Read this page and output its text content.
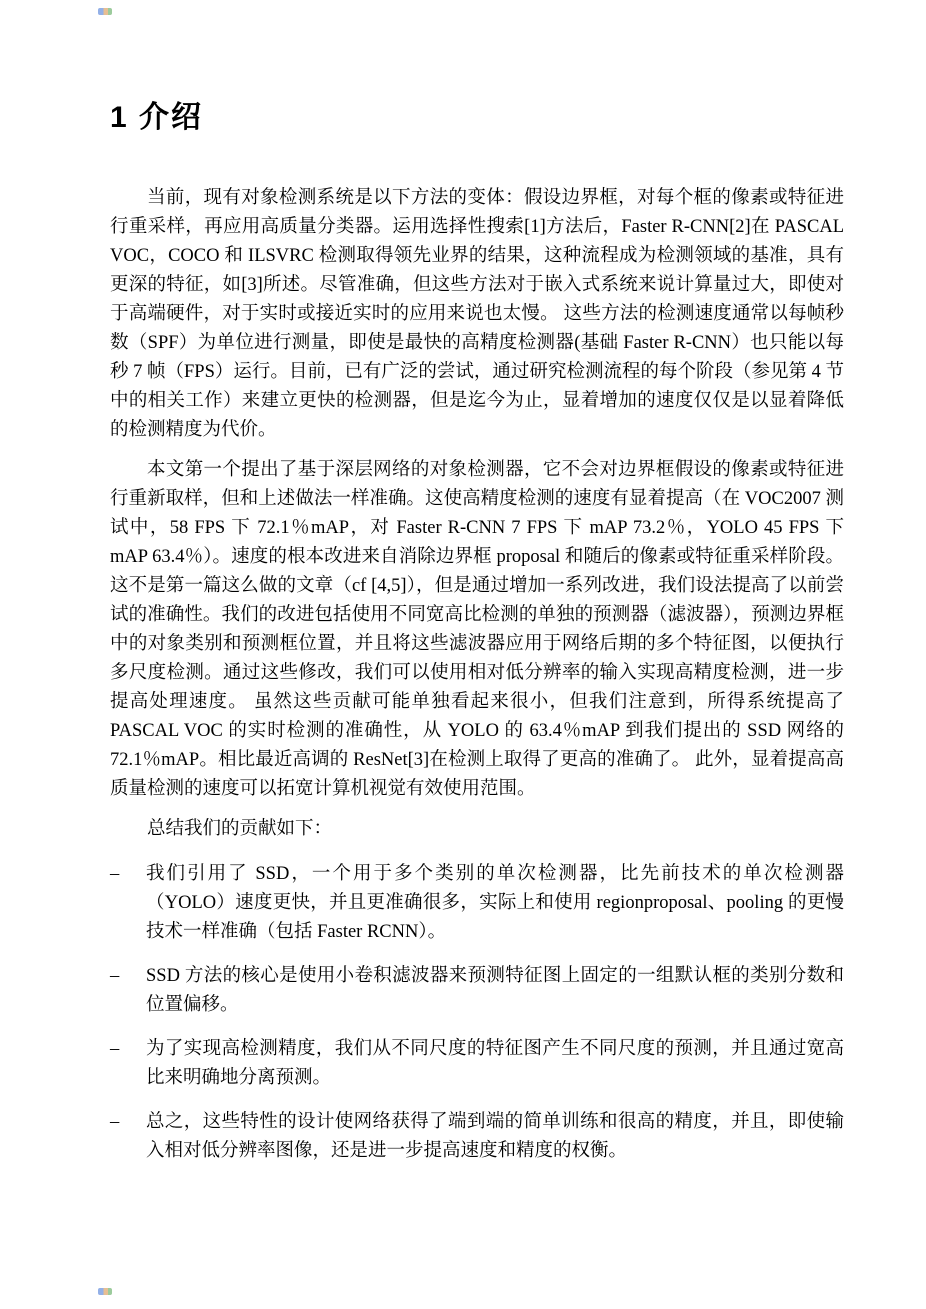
1 介绍

当前，现有对象检测系统是以下方法的变体：假设边界框，对每个框的像素或特征进行重采样，再应用高质量分类器。运用选择性搜索[1]方法后，Faster R-CNN[2]在 PASCAL VOC，COCO 和 ILSVRC 检测取得领先业界的结果，这种流程成为检测领域的基准，具有更深的特征，如[3]所述。尽管准确，但这些方法对于嵌入式系统来说计算量过大，即使对于高端硬件，对于实时或接近实时的应用来说也太慢。 这些方法的检测速度通常以每帧秒数（SPF）为单位进行测量，即使是最快的高精度检测器(基础 Faster R-CNN）也只能以每秒 7 帧（FPS）运行。目前，已有广泛的尝试，通过研究检测流程的每个阶段（参见第 4 节中的相关工作）来建立更快的检测器，但是迄今为止，显着增加的速度仅仅是以显着降低的检测精度为代价。

本文第一个提出了基于深层网络的对象检测器，它不会对边界框假设的像素或特征进行重新取样，但和上述做法一样准确。这使高精度检测的速度有显着提高（在 VOC2007 测试中，58 FPS 下 72.1％mAP，对 Faster R-CNN 7 FPS 下 mAP 73.2％，YOLO 45 FPS 下 mAP 63.4％）。速度的根本改进来自消除边界框 proposal 和随后的像素或特征重采样阶段。这不是第一篇这么做的文章（cf [4,5]），但是通过增加一系列改进，我们设法提高了以前尝试的准确性。我们的改进包括使用不同宽高比检测的单独的预测器（滤波器），预测边界框中的对象类别和预测框位置，并且将这些滤波器应用于网络后期的多个特征图，以便执行多尺度检测。通过这些修改，我们可以使用相对低分辨率的输入实现高精度检测，进一步提高处理速度。 虽然这些贡献可能单独看起来很小，但我们注意到，所得系统提高了 PASCAL VOC 的实时检测的准确性，从 YOLO 的 63.4％mAP 到我们提出的 SSD 网络的 72.1％mAP。相比最近高调的 ResNet[3]在检测上取得了更高的准确了。 此外，显着提高高质量检测的速度可以拓宽计算机视觉有效使用范围。

总结我们的贡献如下：

–	我们引用了 SSD，一个用于多个类别的单次检测器，比先前技术的单次检测器（YOLO）速度更快，并且更准确很多，实际上和使用 regionproposal、pooling 的更慢技术一样准确（包括 Faster RCNN）。
–	SSD 方法的核心是使用小卷积滤波器来预测特征图上固定的一组默认框的类别分数和位置偏移。
–	为了实现高检测精度，我们从不同尺度的特征图产生不同尺度的预测，并且通过宽高比来明确地分离预测。
–	总之，这些特性的设计使网络获得了端到端的简单训练和很高的精度，并且，即使输入相对低分辨率图像，还是进一步提高速度和精度的权衡。
